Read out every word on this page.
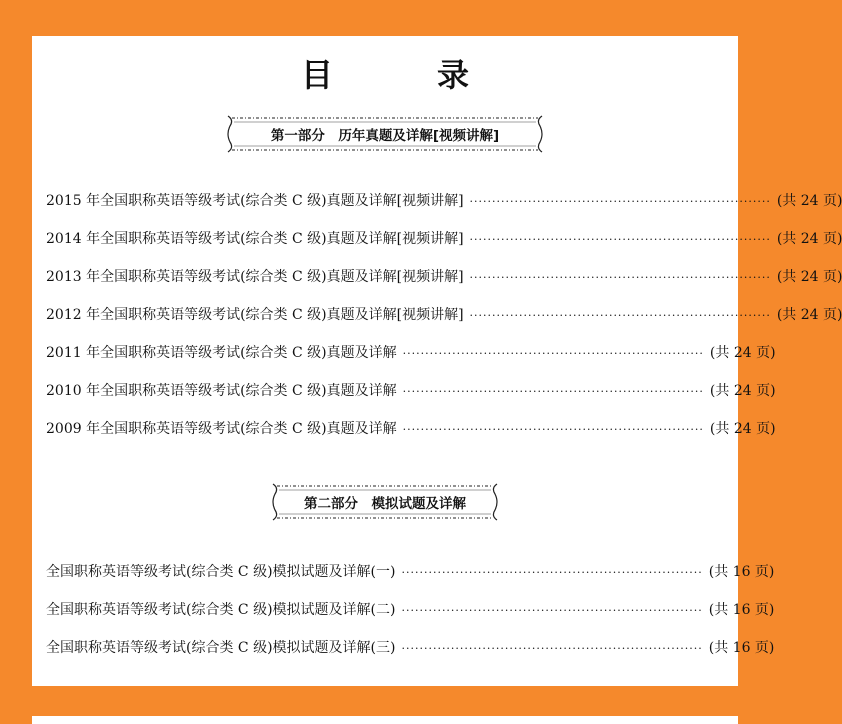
目　录
第一部分　历年真题及详解[视频讲解]
2015 年全国职称英语等级考试(综合类 C 级)真题及详解[视频讲解] ··································································· (共 24 页)
2014 年全国职称英语等级考试(综合类 C 级)真题及详解[视频讲解] ··································································· (共 24 页)
2013 年全国职称英语等级考试(综合类 C 级)真题及详解[视频讲解] ··································································· (共 24 页)
2012 年全国职称英语等级考试(综合类 C 级)真题及详解[视频讲解] ··································································· (共 24 页)
2011 年全国职称英语等级考试(综合类 C 级)真题及详解 ··································································· (共 24 页)
2010 年全国职称英语等级考试(综合类 C 级)真题及详解 ··································································· (共 24 页)
2009 年全国职称英语等级考试(综合类 C 级)真题及详解 ··································································· (共 24 页)
第二部分　模拟试题及详解
全国职称英语等级考试(综合类 C 级)模拟试题及详解(一) ··································································· (共 16 页)
全国职称英语等级考试(综合类 C 级)模拟试题及详解(二) ··································································· (共 16 页)
全国职称英语等级考试(综合类 C 级)模拟试题及详解(三) ··································································· (共 16 页)
